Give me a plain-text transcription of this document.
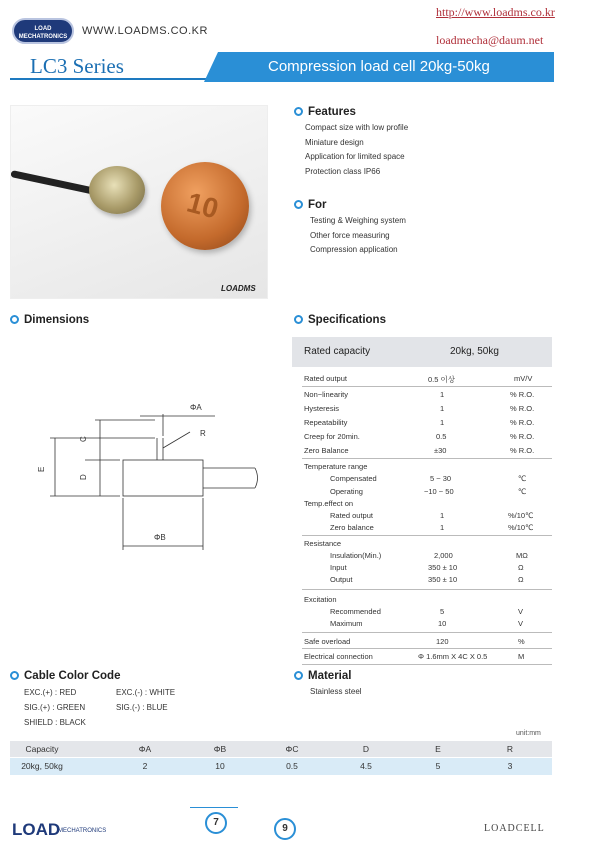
LOAD
MECHATRONICS	WWW.LOADMS.CO.KR
http://www.loadms.co.kr
loadmecha@daum.net
LC3 Series	Compression load cell 20kg-50kg
10
LOADMS
Features
Compact size with low profile
Miniature design
Application for limited space
Protection class IP66
For
Testing & Weighing system
Other force measuring
Compression application
Dimensions
ΦA
R
C
D
E
ΦB
Specifications
Rated capacity	20kg, 50kg
Rated output	0.5 이상	mV/V
Non−linearity	1	% R.O.
Hysteresis	1	% R.O.
Repeatability	1	% R.O.
Creep for 20min.	0.5	% R.O.
Zero Balance	±30	% R.O.
Temperature range
Compensated	5 ~ 30	℃
Operating	−10 ~ 50	℃
Temp.effect on
Rated output	1	%/10℃
Zero balance	1	%/10℃
Resistance
Insulation(Min.)	2,000	MΩ
Input	350 ± 10	Ω
Output	350 ± 10	Ω
Excitation
Recommended	5	V
Maximum	10	V
Safe overload	120	%
Electrical connection	Φ 1.6mm X 4C X 0.5	M
Cable Color Code
EXC.(+) : RED	EXC.(-) : WHITE
SIG.(+) : GREEN	SIG.(-) : BLUE
SHIELD : BLACK
Material
Stainless steel
unit:mm
Capacity	ΦA	ΦB	ΦC	D	E	R
20kg, 50kg	2	10	0.5	4.5	5	3
LOAD
MECHATRONICS
7
9	LOADCELL
